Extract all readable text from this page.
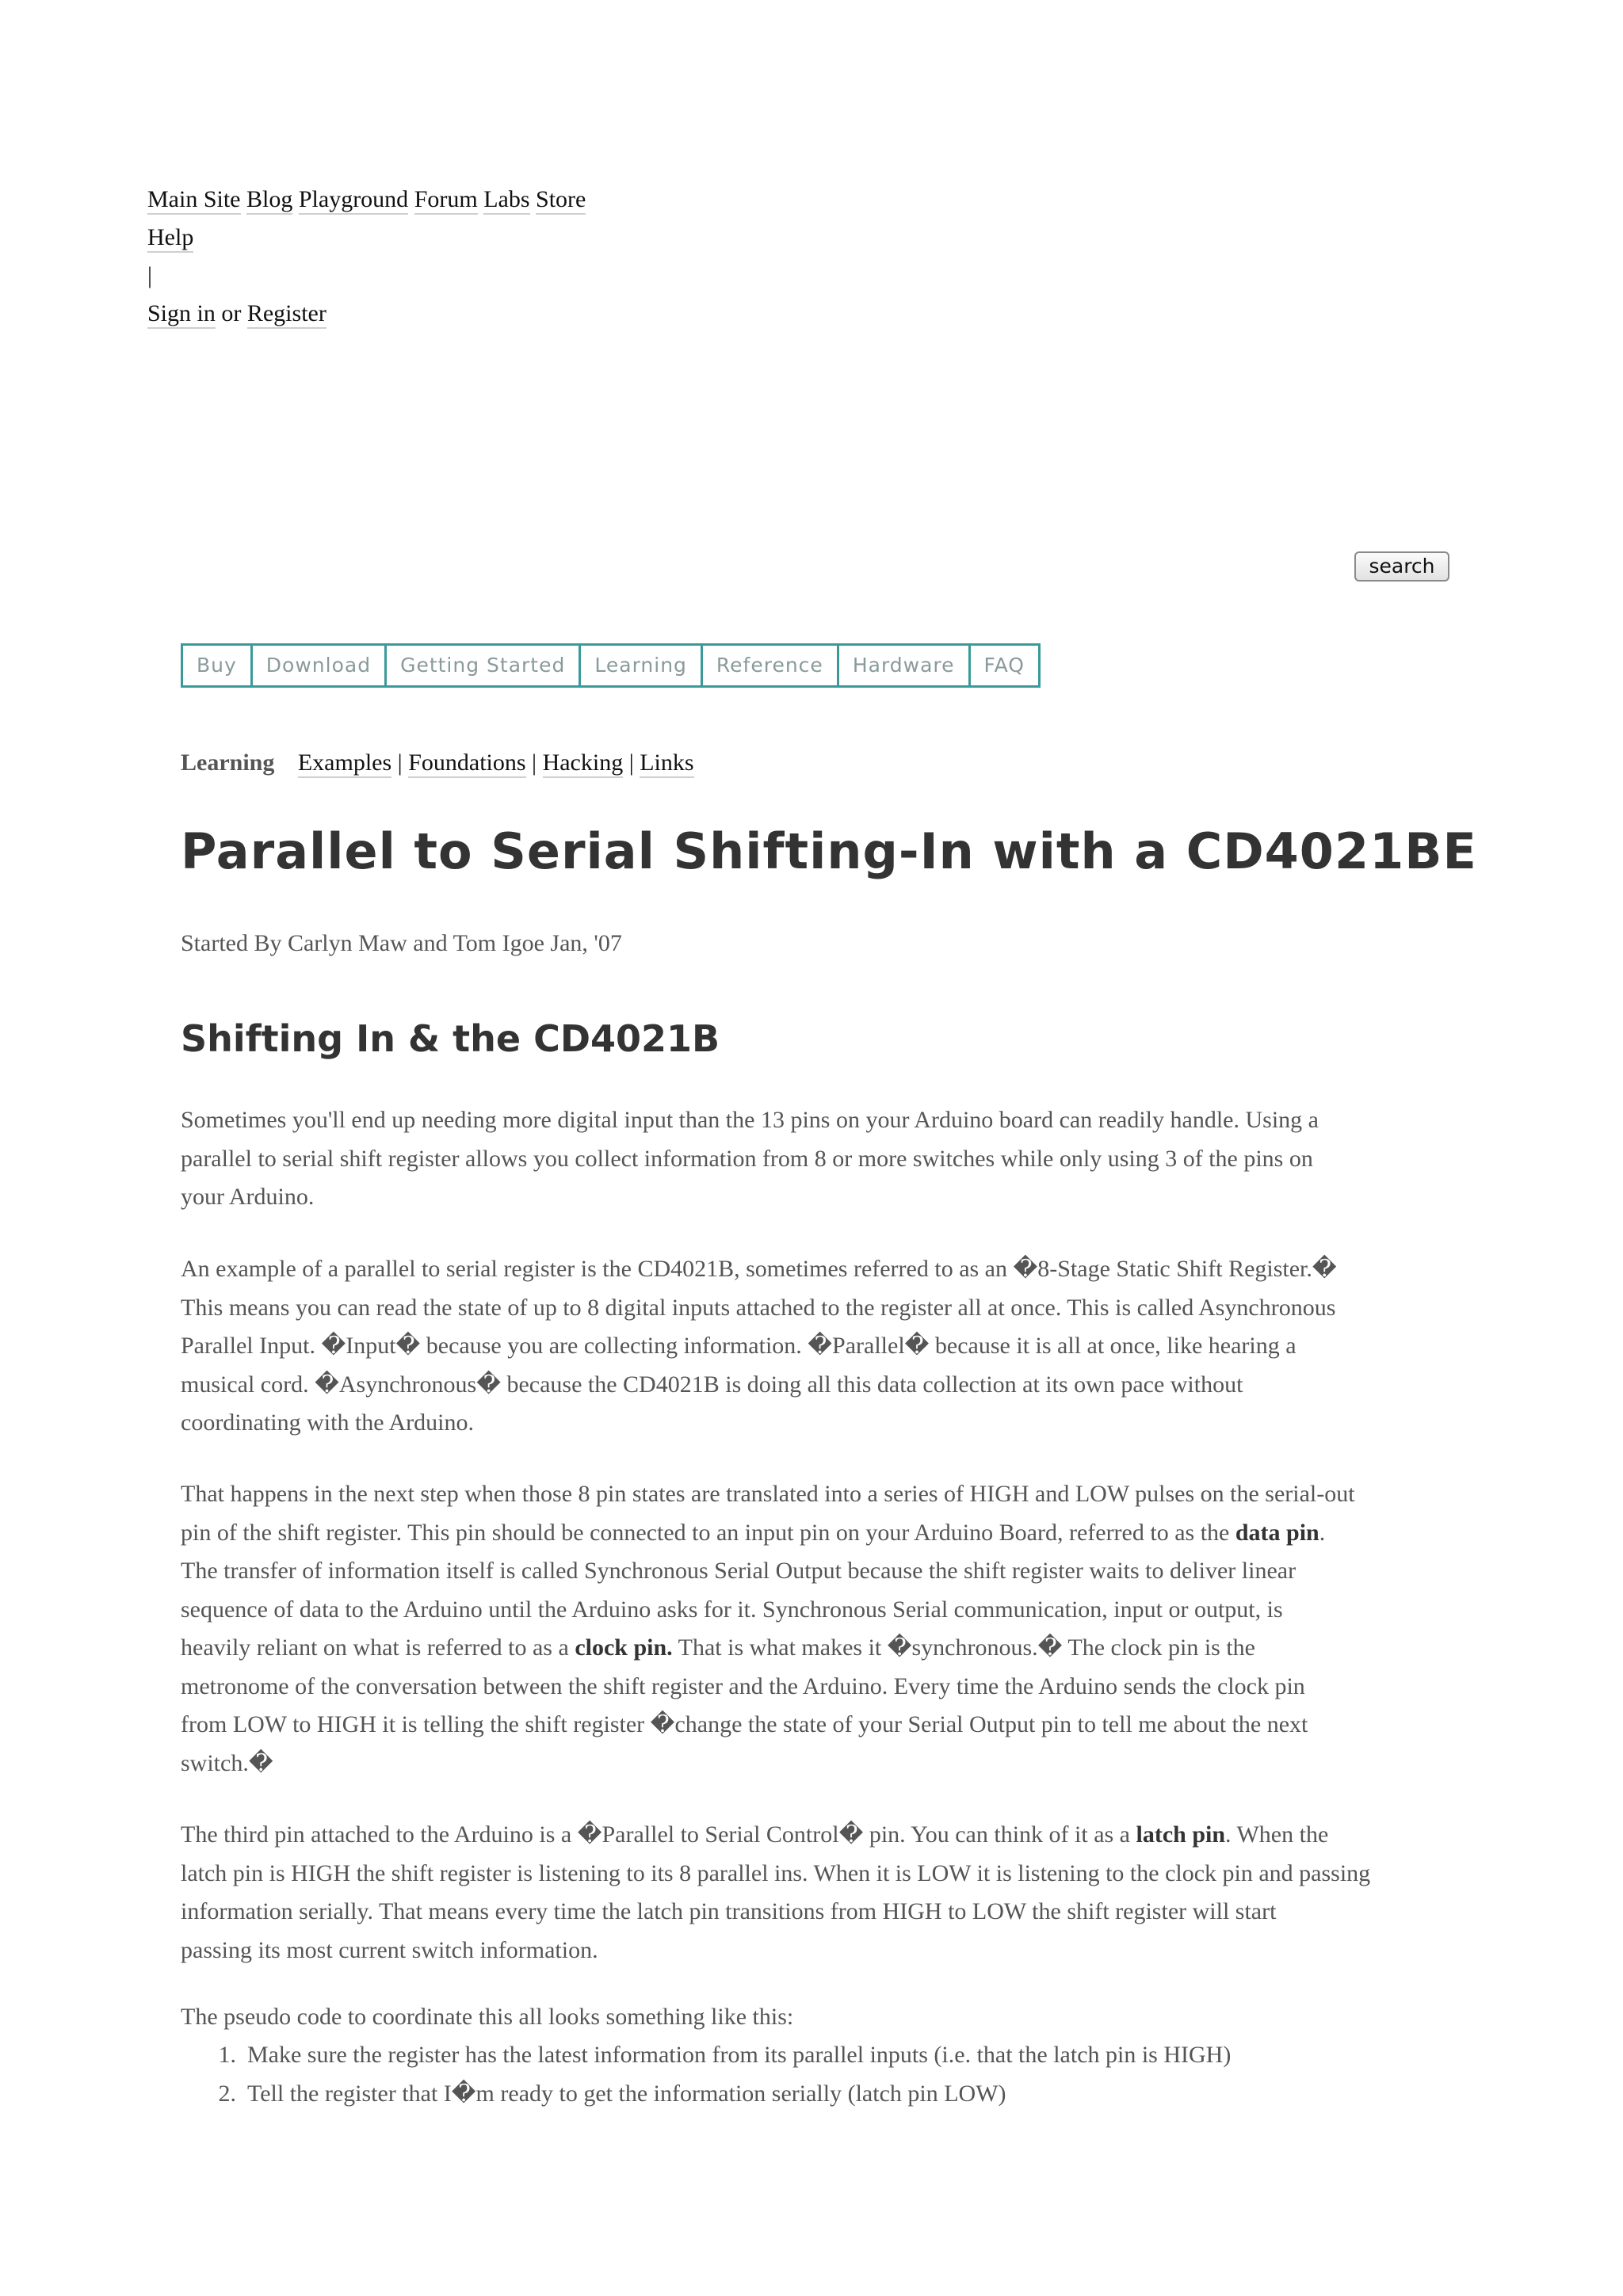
Main Site Blog Playground Forum Labs Store
Help
|
Sign in or Register
search
Buy	Download	Getting Started	Learning	Reference	Hardware	FAQ
Learning Examples | Foundations | Hacking | Links
Parallel to Serial Shifting-In with a CD4021BE
Started By Carlyn Maw and Tom Igoe Jan, '07
Shifting In & the CD4021B
Sometimes you'll end up needing more digital input than the 13 pins on your Arduino board can readily handle. Using a
parallel to serial shift register allows you collect information from 8 or more switches while only using 3 of the pins on
your Arduino.
An example of a parallel to serial register is the CD4021B, sometimes referred to as an �8-Stage Static Shift Register.�
This means you can read the state of up to 8 digital inputs attached to the register all at once. This is called Asynchronous
Parallel Input. �Input� because you are collecting information. �Parallel� because it is all at once, like hearing a
musical cord. �Asynchronous� because the CD4021B is doing all this data collection at its own pace without
coordinating with the Arduino.
That happens in the next step when those 8 pin states are translated into a series of HIGH and LOW pulses on the serial-out
pin of the shift register. This pin should be connected to an input pin on your Arduino Board, referred to as the data pin.
The transfer of information itself is called Synchronous Serial Output because the shift register waits to deliver linear
sequence of data to the Arduino until the Arduino asks for it. Synchronous Serial communication, input or output, is
heavily reliant on what is referred to as a clock pin. That is what makes it �synchronous.� The clock pin is the
metronome of the conversation between the shift register and the Arduino. Every time the Arduino sends the clock pin
from LOW to HIGH it is telling the shift register �change the state of your Serial Output pin to tell me about the next
switch.�
The third pin attached to the Arduino is a �Parallel to Serial Control� pin. You can think of it as a latch pin. When the
latch pin is HIGH the shift register is listening to its 8 parallel ins. When it is LOW it is listening to the clock pin and passing
information serially. That means every time the latch pin transitions from HIGH to LOW the shift register will start
passing its most current switch information.
The pseudo code to coordinate this all looks something like this:
1. Make sure the register has the latest information from its parallel inputs (i.e. that the latch pin is HIGH)
2. Tell the register that I�m ready to get the information serially (latch pin LOW)
